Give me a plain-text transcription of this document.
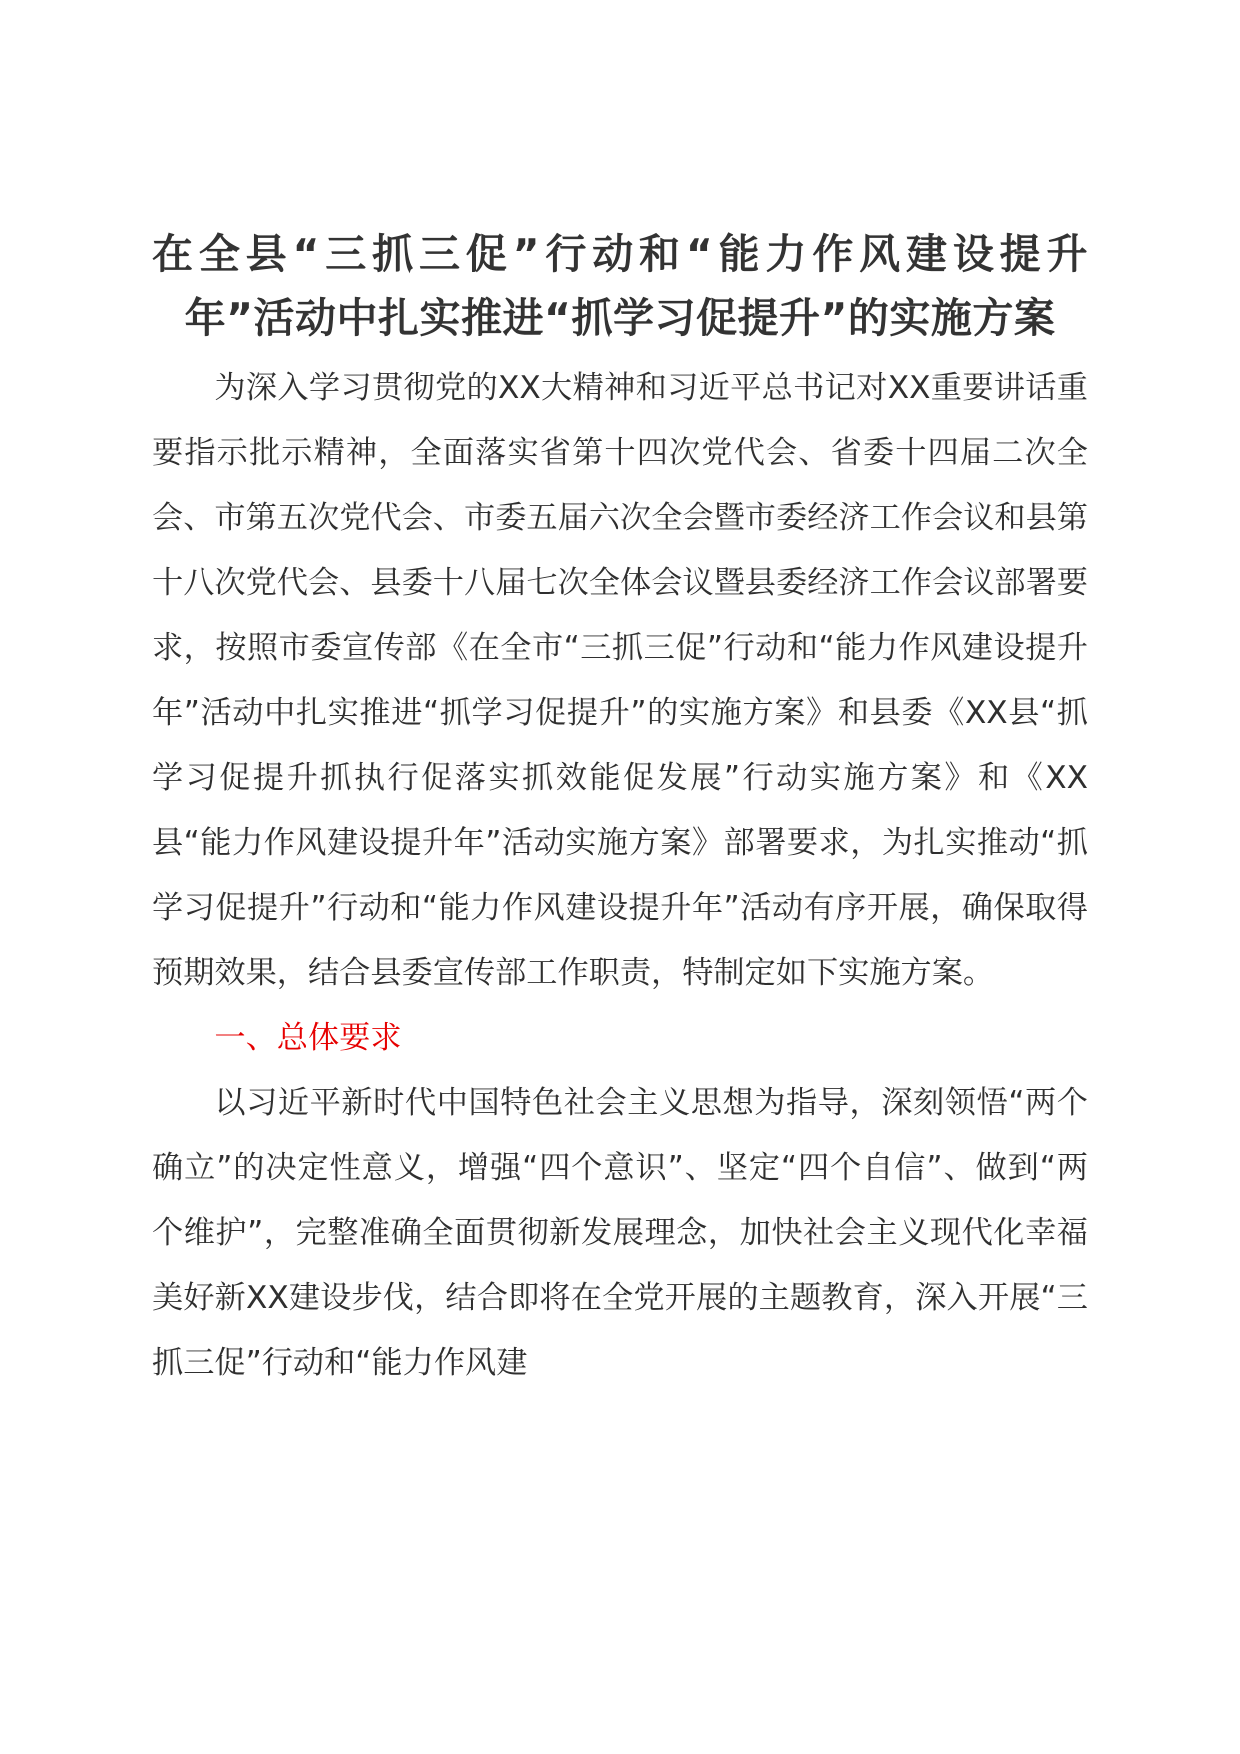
在全县“三抓三促”行动和“能力作风建设提升年”活动中扎实推进“抓学习促提升”的实施方案

为深入学习贯彻党的XX大精神和习近平总书记对XX重要讲话重要指示批示精神，全面落实省第十四次党代会、省委十四届二次全会、市第五次党代会、市委五届六次全会暨市委经济工作会议和县第十八次党代会、县委十八届七次全体会议暨县委经济工作会议部署要求，按照市委宣传部《在全市“三抓三促”行动和“能力作风建设提升年”活动中扎实推进“抓学习促提升”的实施方案》和县委《XX县“抓学习促提升抓执行促落实抓效能促发展”行动实施方案》和《XX县“能力作风建设提升年”活动实施方案》部署要求，为扎实推动“抓学习促提升”行动和“能力作风建设提升年”活动有序开展，确保取得预期效果，结合县委宣传部工作职责，特制定如下实施方案。

一、总体要求

以习近平新时代中国特色社会主义思想为指导，深刻领悟“两个确立”的决定性意义，增强“四个意识”、坚定“四个自信”、做到“两个维护”，完整准确全面贯彻新发展理念，加快社会主义现代化幸福美好新XX建设步伐，结合即将在全党开展的主题教育，深入开展“三抓三促”行动和“能力作风建
